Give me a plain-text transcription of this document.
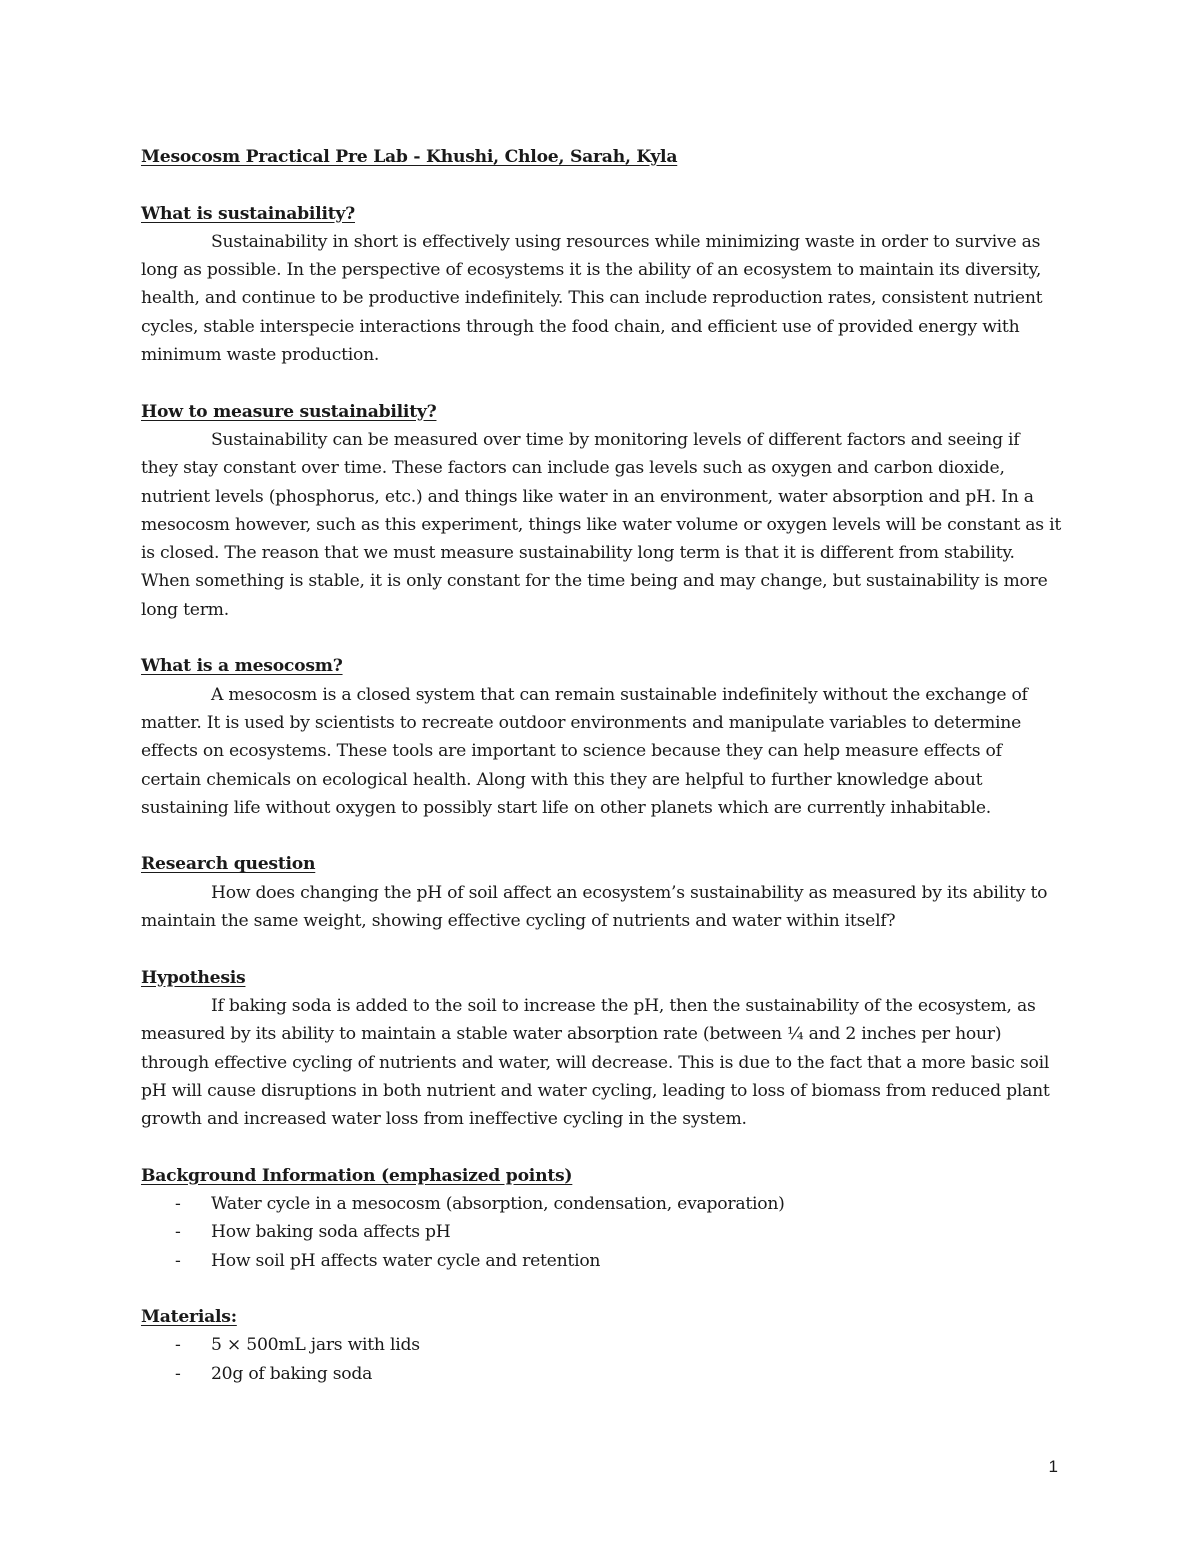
Mesocosm Practical Pre Lab - Khushi, Chloe, Sarah, Kyla

What is sustainability?

Sustainability in short is effectively using resources while minimizing waste in order to survive as long as possible. In the perspective of ecosystems it is the ability of an ecosystem to maintain its diversity, health, and continue to be productive indefinitely. This can include reproduction rates, consistent nutrient cycles, stable interspecie interactions through the food chain, and efficient use of provided energy with minimum waste production.

How to measure sustainability?

Sustainability can be measured over time by monitoring levels of different factors and seeing if they stay constant over time. These factors can include gas levels such as oxygen and carbon dioxide, nutrient levels (phosphorus, etc.) and things like water in an environment, water absorption and pH. In a mesocosm however, such as this experiment, things like water volume or oxygen levels will be constant as it is closed. The reason that we must measure sustainability long term is that it is different from stability. When something is stable, it is only constant for the time being and may change, but sustainability is more long term.

What is a mesocosm?

A mesocosm is a closed system that can remain sustainable indefinitely without the exchange of matter. It is used by scientists to recreate outdoor environments and manipulate variables to determine effects on ecosystems. These tools are important to science because they can help measure effects of certain chemicals on ecological health. Along with this they are helpful to further knowledge about sustaining life without oxygen to possibly start life on other planets which are currently inhabitable.

Research question

How does changing the pH of soil affect an ecosystem’s sustainability as measured by its ability to maintain the same weight, showing effective cycling of nutrients and water within itself?

Hypothesis

If baking soda is added to the soil to increase the pH, then the sustainability of the ecosystem, as measured by its ability to maintain a stable water absorption rate (between ¼ and 2 inches per hour) through effective cycling of nutrients and water, will decrease. This is due to the fact that a more basic soil pH will cause disruptions in both nutrient and water cycling, leading to loss of biomass from reduced plant growth and increased water loss from ineffective cycling in the system.

Background Information (emphasized points)

- Water cycle in a mesocosm (absorption, condensation, evaporation)
- How baking soda affects pH
- How soil pH affects water cycle and retention

Materials:

- 5 × 500mL jars with lids
- 20g of baking soda
1
